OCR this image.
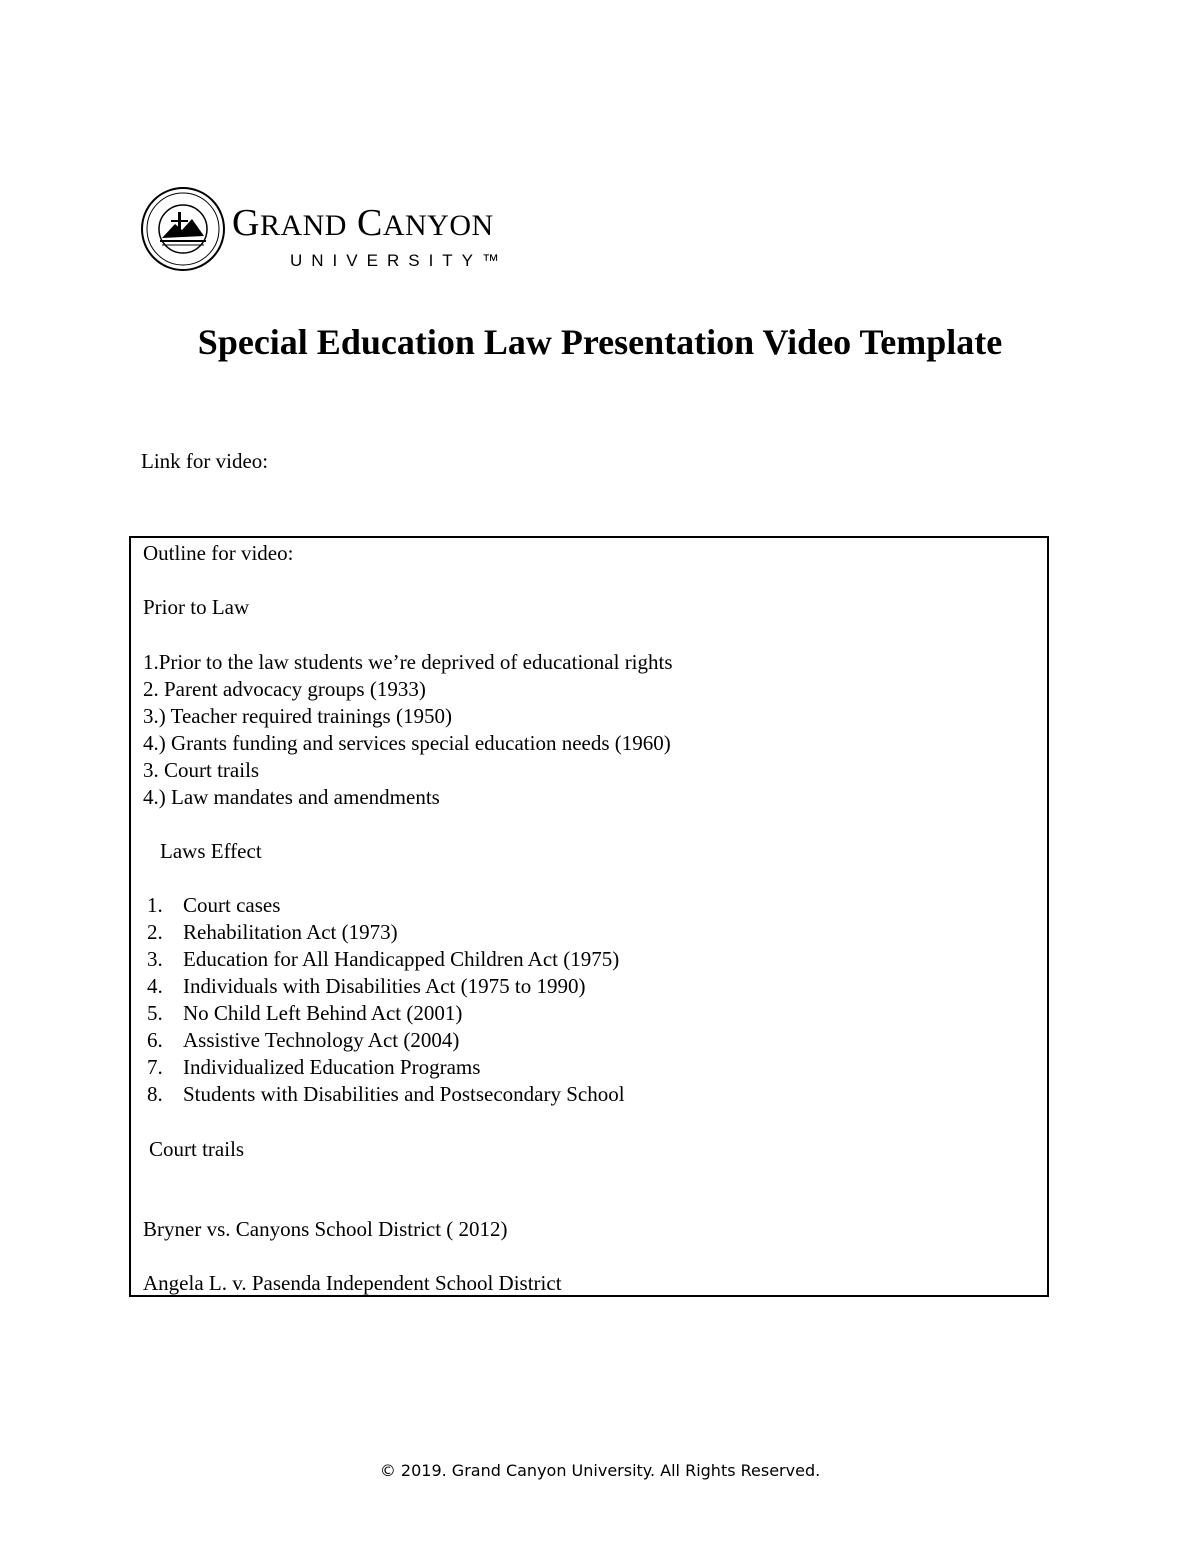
GRAND CANYON
UNIVERSITY™
Special Education Law Presentation Video Template
Link for video:
Outline for video:
Prior to Law
1.Prior to the law students we’re deprived of educational rights
2. Parent advocacy groups (1933)
3.) Teacher required trainings (1950)
4.) Grants funding and services special education needs (1960)
3. Court trails
4.) Law mandates and amendments
Laws Effect
1. Court cases
2. Rehabilitation Act (1973)
3. Education for All Handicapped Children Act (1975)
4. Individuals with Disabilities Act (1975 to 1990)
5. No Child Left Behind Act (2001)
6. Assistive Technology Act (2004)
7. Individualized Education Programs
8. Students with Disabilities and Postsecondary School
Court trails
Bryner vs. Canyons School District ( 2012)
Angela L. v. Pasenda Independent School District
© 2019. Grand Canyon University. All Rights Reserved.
